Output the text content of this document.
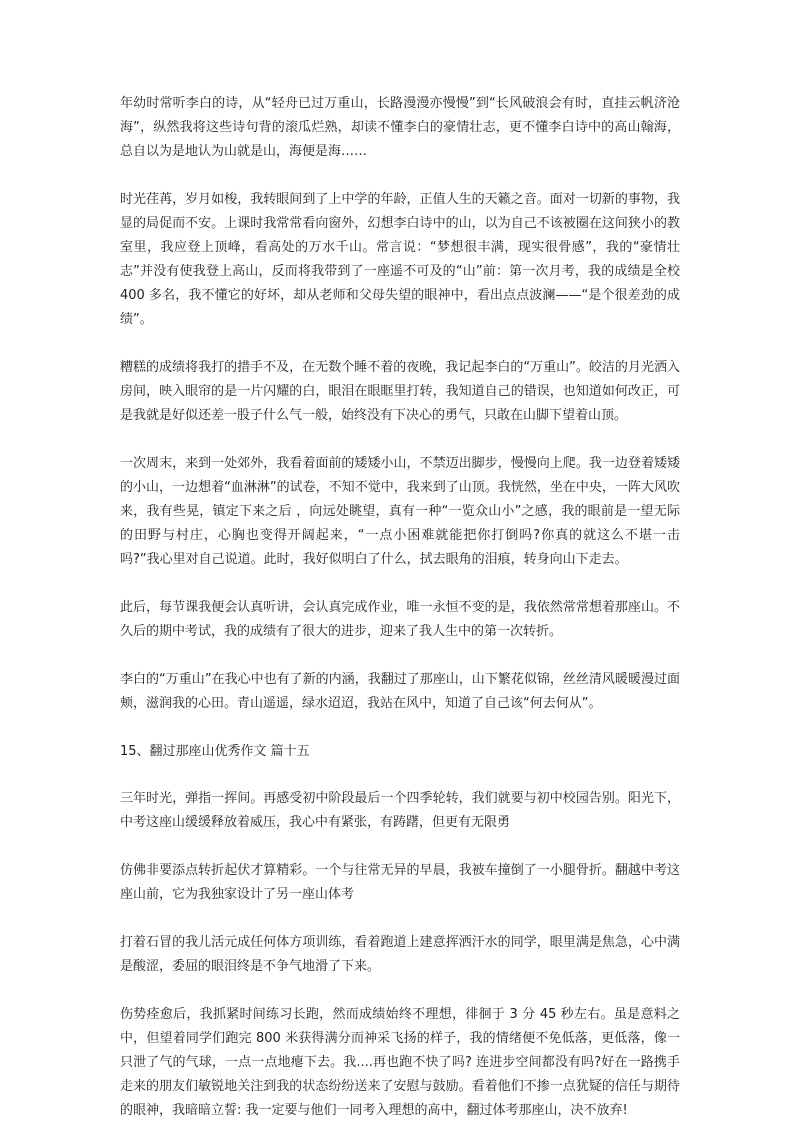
年幼时常听李白的诗，从“轻舟已过万重山，长路漫漫亦慢慢”到“长风破浪会有时，直挂云帆济沧海”，纵然我将这些诗句背的滚瓜烂熟，却读不懂李白的豪情壮志，更不懂李白诗中的高山翰海，总自以为是地认为山就是山，海便是海……

时光荏苒，岁月如梭，我转眼间到了上中学的年龄，正值人生的天籁之音。面对一切新的事物，我显的局促而不安。上课时我常常看向窗外，幻想李白诗中的山，以为自己不该被圈在这间狭小的教室里，我应登上顶峰，看高处的万水千山。常言说：“梦想很丰满，现实很骨感”，我的“豪情壮志”并没有使我登上高山，反而将我带到了一座遥不可及的“山”前：第一次月考，我的成绩是全校 400 多名，我不懂它的好坏，却从老师和父母失望的眼神中，看出点点波澜——“是个很差劲的成绩”。

糟糕的成绩将我打的措手不及，在无数个睡不着的夜晚，我记起李白的“万重山”。皎洁的月光洒入房间，映入眼帘的是一片闪耀的白，眼泪在眼眶里打转，我知道自己的错误，也知道如何改正，可是我就是好似还差一股子什么气一般，始终没有下决心的勇气，只敢在山脚下望着山顶。

一次周末，来到一处郊外，我看着面前的矮矮小山，不禁迈出脚步，慢慢向上爬。我一边登着矮矮的小山，一边想着“血淋淋”的试卷，不知不觉中，我来到了山顶。我恍然，坐在中央，一阵大风吹来，我有些晃，镇定下来之后 ，向远处眺望，真有一种“一览众山小”之感，我的眼前是一望无际的田野与村庄，心胸也变得开阔起来，“一点小困难就能把你打倒吗?你真的就这么不堪一击吗?”我心里对自己说道。此时，我好似明白了什么，拭去眼角的泪痕，转身向山下走去。

此后，每节课我便会认真听讲，会认真完成作业，唯一永恒不变的是，我依然常常想着那座山。不久后的期中考试，我的成绩有了很大的进步，迎来了我人生中的第一次转折。

李白的“万重山”在我心中也有了新的内涵，我翻过了那座山，山下繁花似锦，丝丝清风暖暖漫过面颊，滋润我的心田。青山遥遥，绿水迢迢，我站在风中，知道了自己该“何去何从”。

15、翻过那座山优秀作文 篇十五

三年时光，弹指一挥间。再感受初中阶段最后一个四季轮转，我们就要与初中校园告别。阳光下，中考这座山缓缓释放着威压，我心中有紧张，有踌躇，但更有无限勇

仿佛非要添点转折起伏才算精彩。一个与往常无异的早晨，我被车撞倒了一小腿骨折。翻越中考这座山前，它为我独家设计了另一座山体考

打着石冒的我儿活元成任何体方项训练，看着跑道上建意挥洒汗水的同学，眼里满是焦急，心中满是酸涩，委屈的眼泪终是不争气地滑了下来。

伤势痊愈后，我抓紧时间练习长跑，然而成绩始终不理想，徘徊于 3 分 45 秒左右。虽是意料之中，但望着同学们跑完 800 米获得满分而神采飞扬的样子，我的情绪便不免低落，更低落，像一只泄了气的气球，一点一点地瘪下去。我....再也跑不快了吗? 连进步空间都没有吗?好在一路携手走来的朋友们敏锐地关注到我的状态纷纷送来了安慰与鼓励。看着他们不掺一点犹疑的信任与期待的眼神，我暗暗立誓: 我一定要与他们一同考入理想的高中，翻过体考那座山，决不放弃!
